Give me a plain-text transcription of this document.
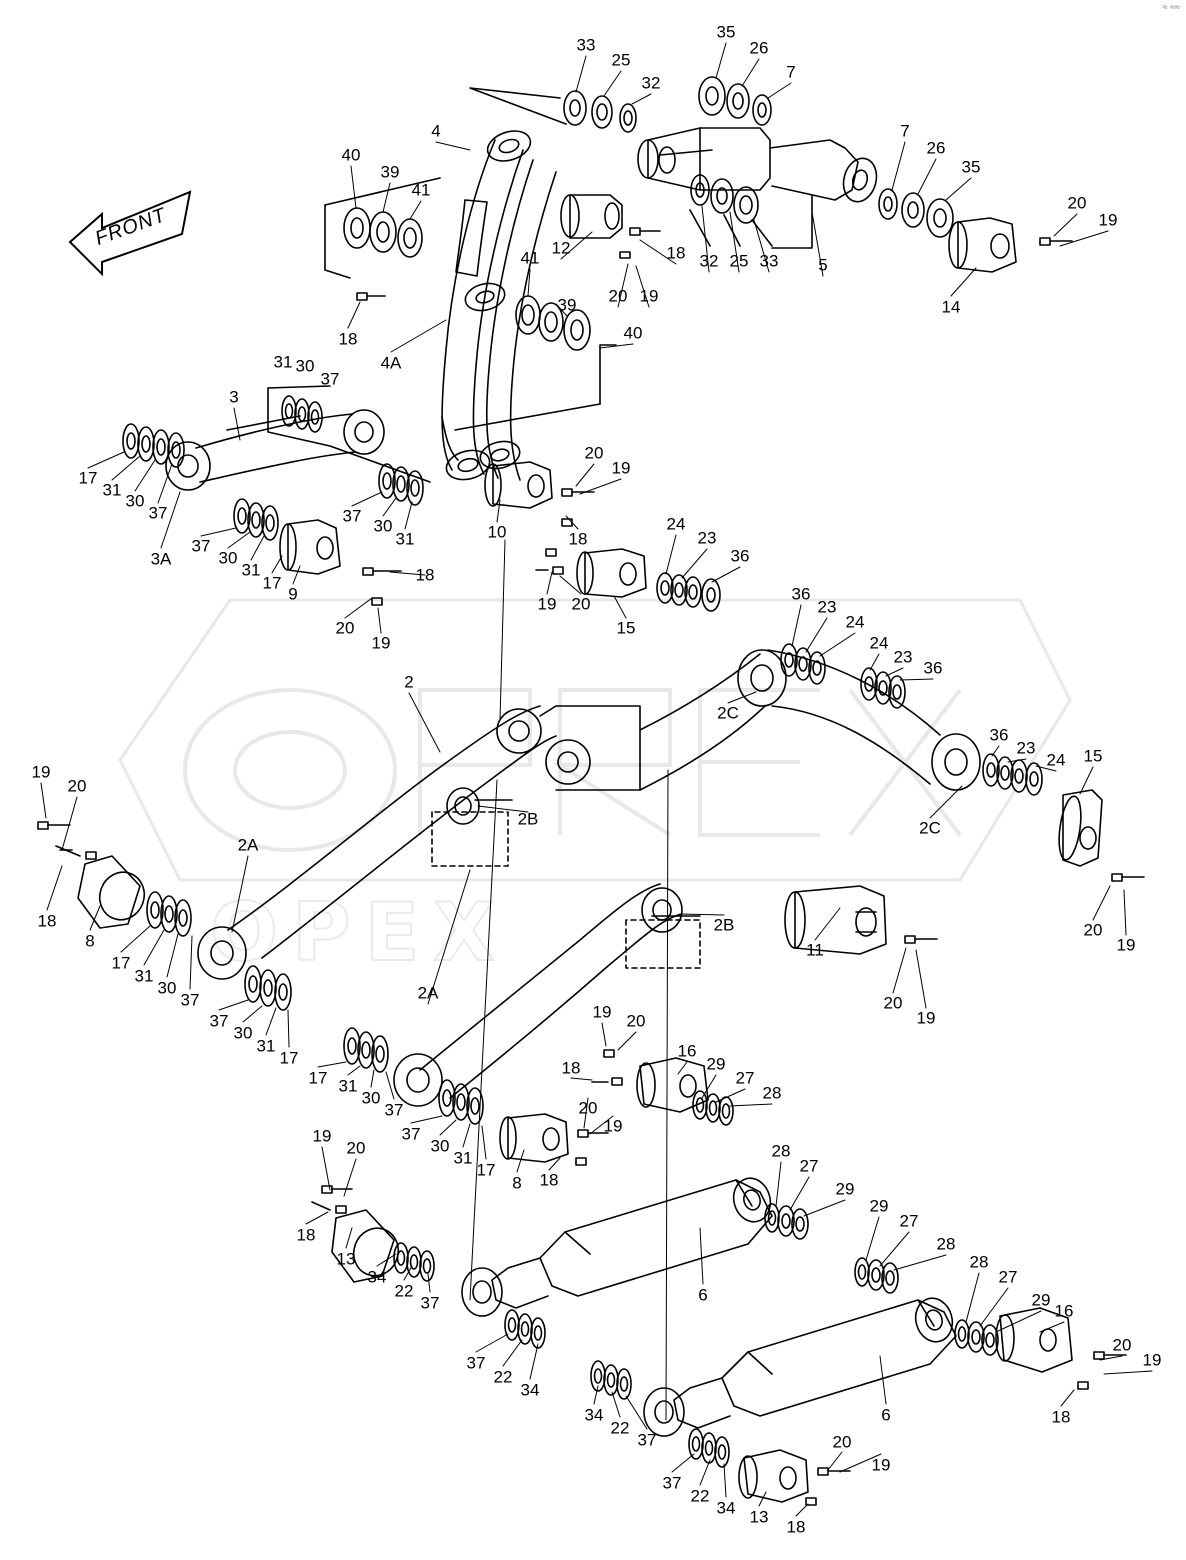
≈ ≈≈
OPEX
FRONT
33
25
32
35
26
7
7
26
35
20
19
4
40
39
41
41
12	18 32 25 33 5
14
20 19
39
40
18
4A
31 30
37
3
17
31
30
37
3A
37
30
31
17
9
37
30
31
18
20
19
10
20
19
18
19 20
15
24
23
36
36
23
24
24
23
36
2C
36
23
24 15
2
2B
2A
2C
2B
11
20
19
20
19
19
20
18
8
17
31
30
37	2A
37
30
31
17
17 31
30
37
37
30
31
17
8 18
20
19
19 20
18
16
29
27
28
28
27
29
29
27
28
28
27
29
16
20
19
18
6
6
19
20
18
13
34
22
37
37
22
34
34
22
37
37
22
34 13
18
20
19
